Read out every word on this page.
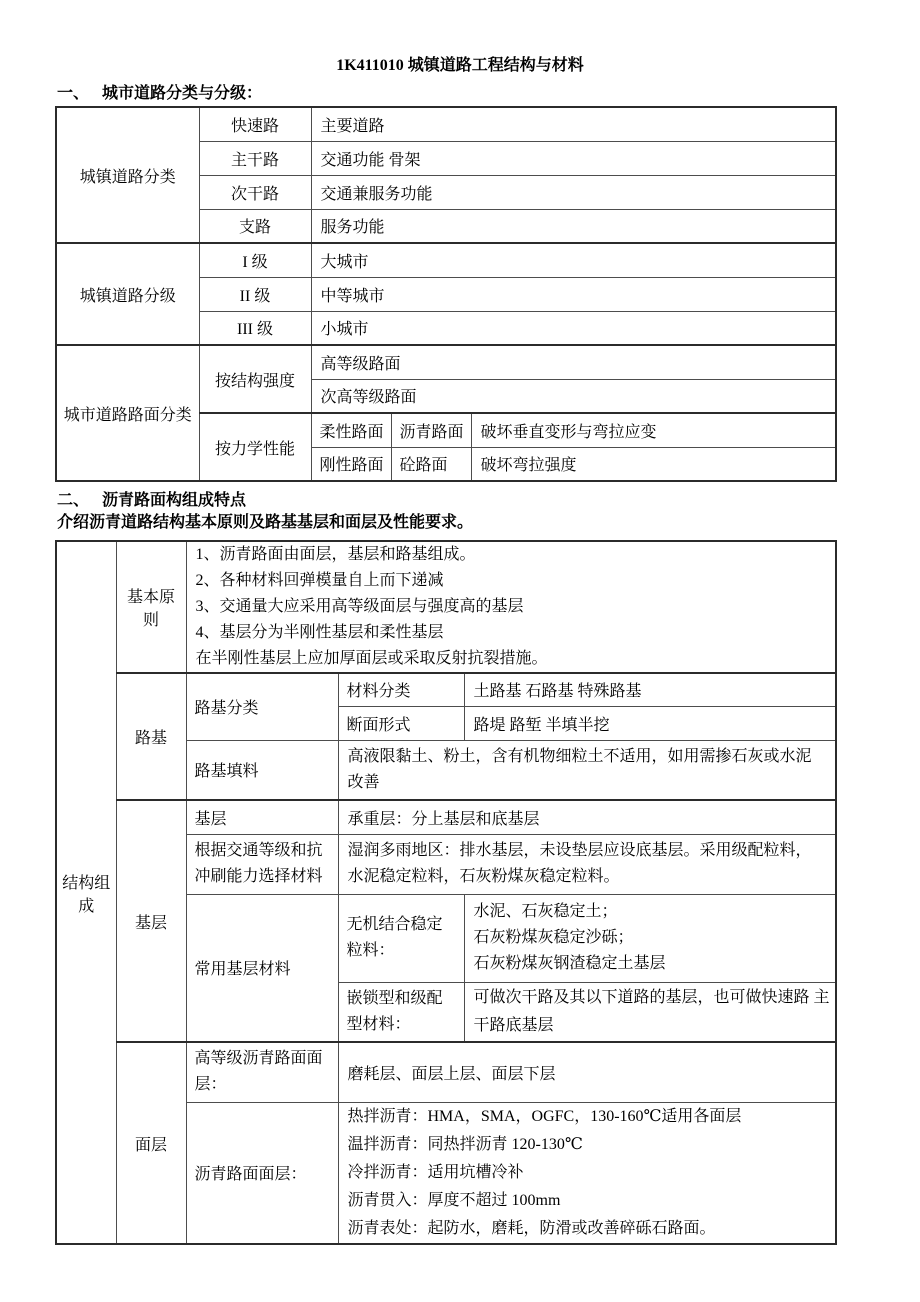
1K411010 城镇道路工程结构与材料
一、 城市道路分类与分级：
城镇道路分类	快速路	主要道路		
	主干路	交通功能 骨架		
	次干路	交通兼服务功能		
	支路	服务功能		
城镇道路分级	I 级	大城市		
	II 级	中等城市		
	III 级	小城市		
城市道路路面分类	按结构强度	高等级路面		
		次高等级路面		
	按力学性能	柔性路面	沥青路面	破坏垂直变形与弯拉应变
		刚性路面	砼路面	破坏弯拉强度
二、 沥青路面构组成特点
介绍沥青道路结构基本原则及路基基层和面层及性能要求。
结构组成	基本原则	1、沥青路面由面层，基层和路基组成。
2、各种材料回弹模量自上而下递减
3、交通量大应采用高等级面层与强度高的基层
4、基层分为半刚性基层和柔性基层
在半刚性基层上应加厚面层或采取反射抗裂措施。		

	路基	路基分类	材料分类	土路基 石路基 特殊路基
			断面形式	路堤 路堑 半填半挖
		路基填料	高液限黏土、粉土，含有机物细粒土不适用，如用需掺石灰或水泥改善	
	基层	基层	承重层：分上基层和底基层	
		根据交通等级和抗冲刷能力选择材料	湿润多雨地区：排水基层，未设垫层应设底基层。采用级配粒料，水泥稳定粒料，石灰粉煤灰稳定粒料。	
		常用基层材料	无机结合稳定粒料：	水泥、石灰稳定土；
石灰粉煤灰稳定沙砾；
石灰粉煤灰钢渣稳定土基层

			嵌锁型和级配型材料：	可做次干路及其以下道路的基层，也可做快速路 主干路底基层
	面层	高等级沥青路面面层：	磨耗层、面层上层、面层下层	
		沥青路面面层：	热拌沥青：HMA，SMA，OGFC，130-160℃适用各面层
温拌沥青：同热拌沥青 120-130℃
冷拌沥青：适用坑槽冷补
沥青贯入：厚度不超过 100mm
沥青表处：起防水，磨耗，防滑或改善碎砾石路面。	
